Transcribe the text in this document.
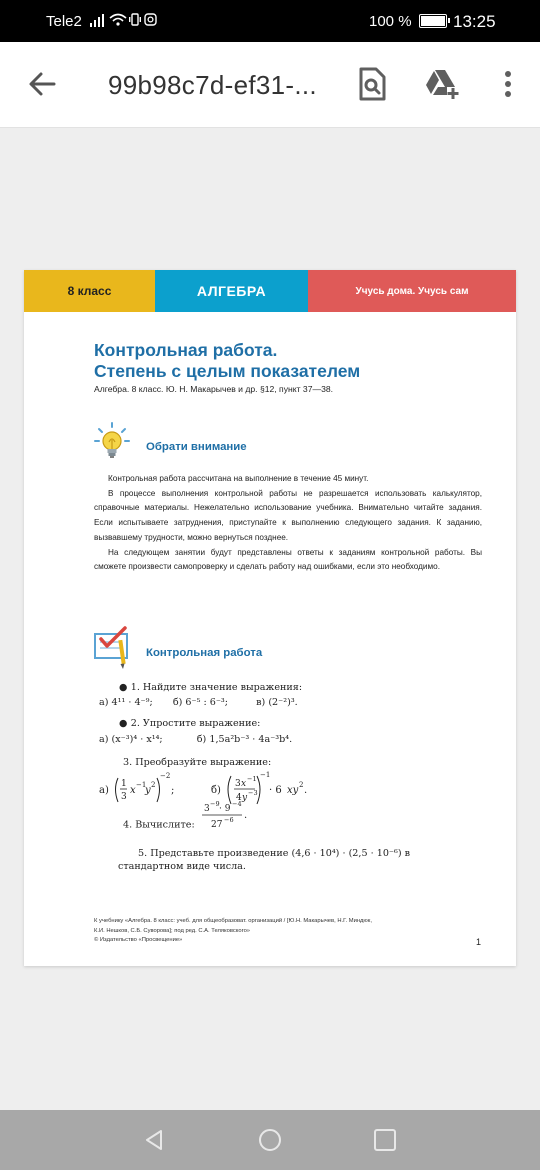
Tele2	100 % 13:25
99b98c7d-ef31-...
8 класс	АЛГЕБРА	Учусь дома. Учусь сам
Контрольная работа.
Степень с целым показателем
Алгебра. 8 класс. Ю. Н. Макарычев и др. §12, пункт 37—38.
Обрати внимание

Контрольная работа рассчитана на выполнение в течение 45 минут.

В процессе выполнения контрольной работы не разрешается использовать калькулятор, справочные материалы. Нежелательно использование учебника. Внимательно читайте задания. Если испытываете затруднения, приступайте к выполнению следующего задания. К заданию, вызвавшему трудности, можно вернуться позднее.

На следующем занятии будут представлены ответы к заданиям контрольной работы. Вы сможете произвести самопроверку и сделать работу над ошибками, если это необходимо.

Контрольная работа
● 1. Найдите значение выражения:
а) 4¹¹ · 4⁻⁹; б) 6⁻⁵ : 6⁻³;	в) (2⁻²)³.
● 2. Упростите выражение:
а) (x⁻³)⁴ · x¹⁴;	б) 1,5a²b⁻³ · 4a⁻³b⁴.
3. Преобразуйте выражение:
а)
1
3
x −1
y 2
−2
;	б)
3 x −1
4 y −3
−1
· 6 xy 2 .
4. Вычислите:
3 −9 · 9 −4
27 −6 .
5. Представьте произведение (4,6 · 10⁴) · (2,5 · 10⁻⁶) в
стандартном виде числа.
К учебнику «Алгебра. 8 класс: учеб. для общеобразоват. организаций / [Ю.Н. Макарычев, Н.Г. Миндюк,
К.И. Нешков, С.Б. Суворова]; под ред. С.А. Теляковского»
© Издательство «Просвещение»	1
